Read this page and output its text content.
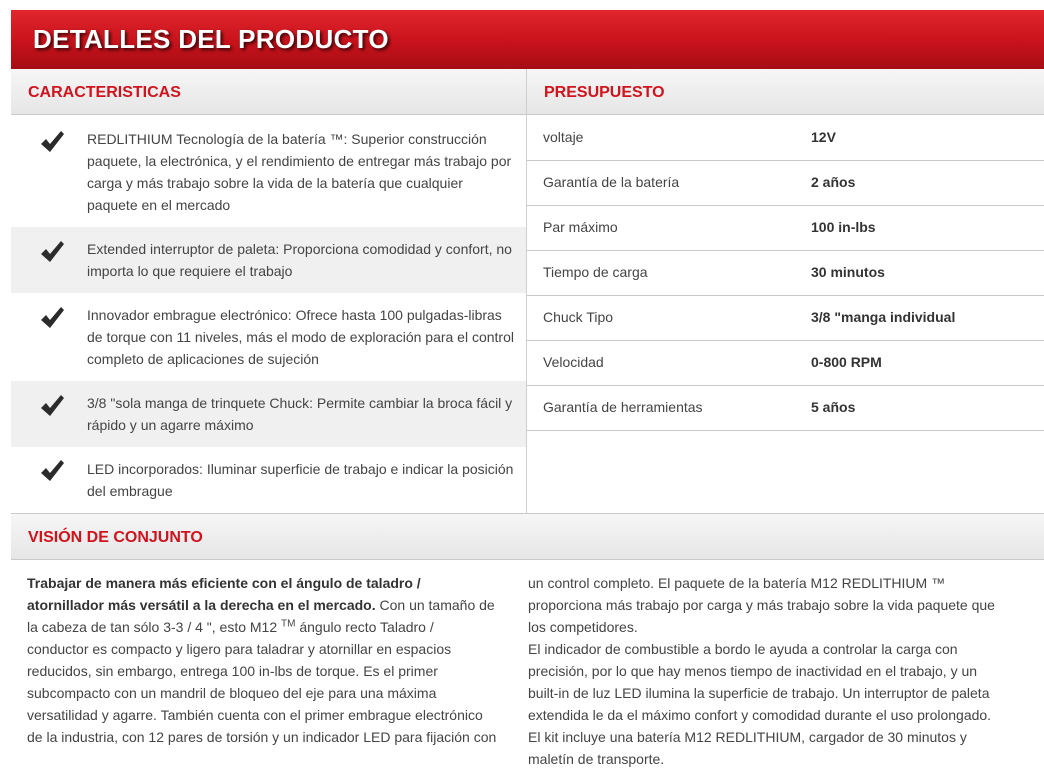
DETALLES DEL PRODUCTO
CARACTERISTICAS	PRESUPUESTO
REDLITHIUM Tecnología de la batería ™: Superior construcción paquete, la electrónica, y el rendimiento de entregar más trabajo por carga y más trabajo sobre la vida de la batería que cualquier paquete en el mercado
Extended interruptor de paleta: Proporciona comodidad y confort, no importa lo que requiere el trabajo
Innovador embrague electrónico: Ofrece hasta 100 pulgadas-libras de torque con 11 niveles, más el modo de exploración para el control completo de aplicaciones de sujeción
3/8 "sola manga de trinquete Chuck: Permite cambiar la broca fácil y rápido y un agarre máximo
LED incorporados: Iluminar superficie de trabajo e indicar la posición del embrague
voltaje	12V
Garantía de la batería	2 años
Par máximo	100 in-lbs
Tiempo de carga	30 minutos
Chuck Tipo	3/8 "manga individual
Velocidad	0-800 RPM
Garantía de herramientas	5 años
VISIÓN DE CONJUNTO

Trabajar de manera más eficiente con el ángulo de taladro / atornillador más versátil a la derecha en el mercado. Con un tamaño de la cabeza de tan sólo 3-3 / 4 ", esto M12 ™ ángulo recto Taladro / conductor es compacto y ligero para taladrar y atornillar en espacios reducidos, sin embargo, entrega 100 in-lbs de torque. Es el primer subcompacto con un mandril de bloqueo del eje para una máxima versatilidad y agarre. También cuenta con el primer embrague electrónico de la industria, con 12 pares de torsión y un indicador LED para fijación con

un control completo. El paquete de la batería M12 REDLITHIUM ™ proporciona más trabajo por carga y más trabajo sobre la vida paquete que los competidores.

El indicador de combustible a bordo le ayuda a controlar la carga con precisión, por lo que hay menos tiempo de inactividad en el trabajo, y un built-in de luz LED ilumina la superficie de trabajo. Un interruptor de paleta extendida le da el máximo confort y comodidad durante el uso prolongado. El kit incluye una batería M12 REDLITHIUM, cargador de 30 minutos y maletín de transporte.
